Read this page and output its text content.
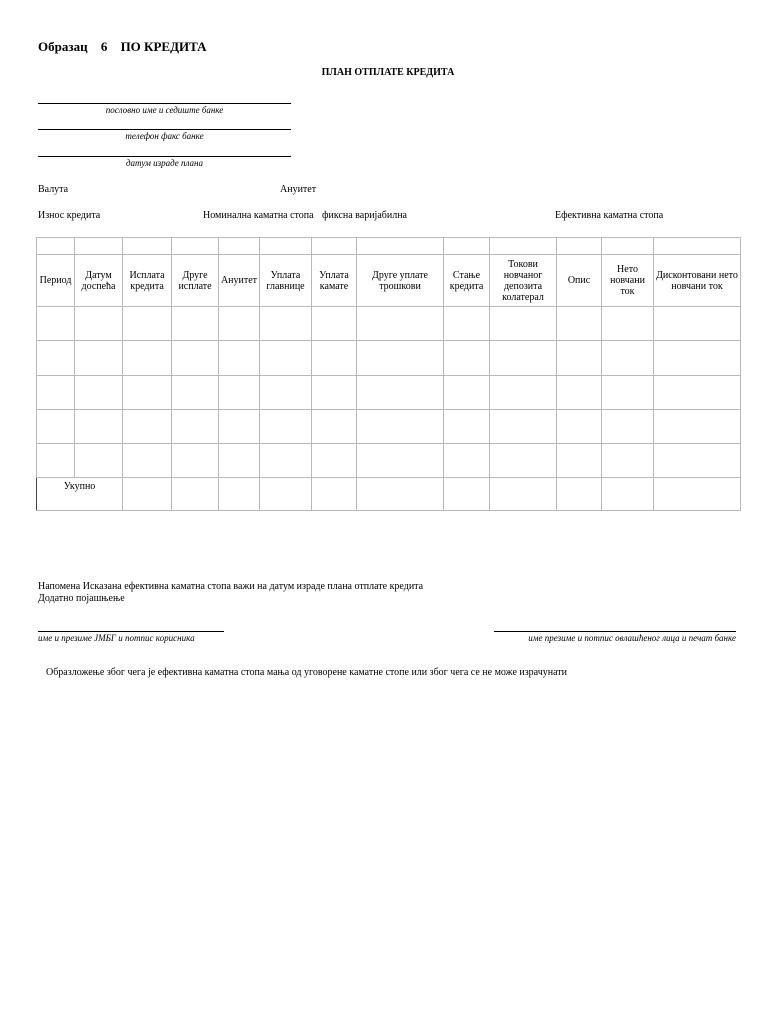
Образац 6 ПО КРЕДИТА
ПЛАН ОТПЛАТЕ КРЕДИТА
пословно име и седиште банке
телефон факс банке
датум израде плана
Валута	Ануитет
Износ кредита	Номинална каматна стопа фиксна варијабилна	Ефективна каматна стопа

Период	Датум доспећа	Исплата кредита	Друге исплате	Ануитет	Уплата главнице	Уплата камате	Друге уплате трошкови	Стање кредита	Токови новчаног депозита колатерал	Опис	Нето новчани ток	Дисконтовани нето новчани ток

Укупно												
Напомена Исказана ефективна каматна стопа важи на датум израде плана отплате кредита
Додатно појашњење
име и презиме ЈМБГ и потпис корисника	име презиме и потпис овлашћеног лица и печат банке
Образложење због чега је ефективна каматна стопа мања од уговорене каматне стопе или због чега се не може израчунати
